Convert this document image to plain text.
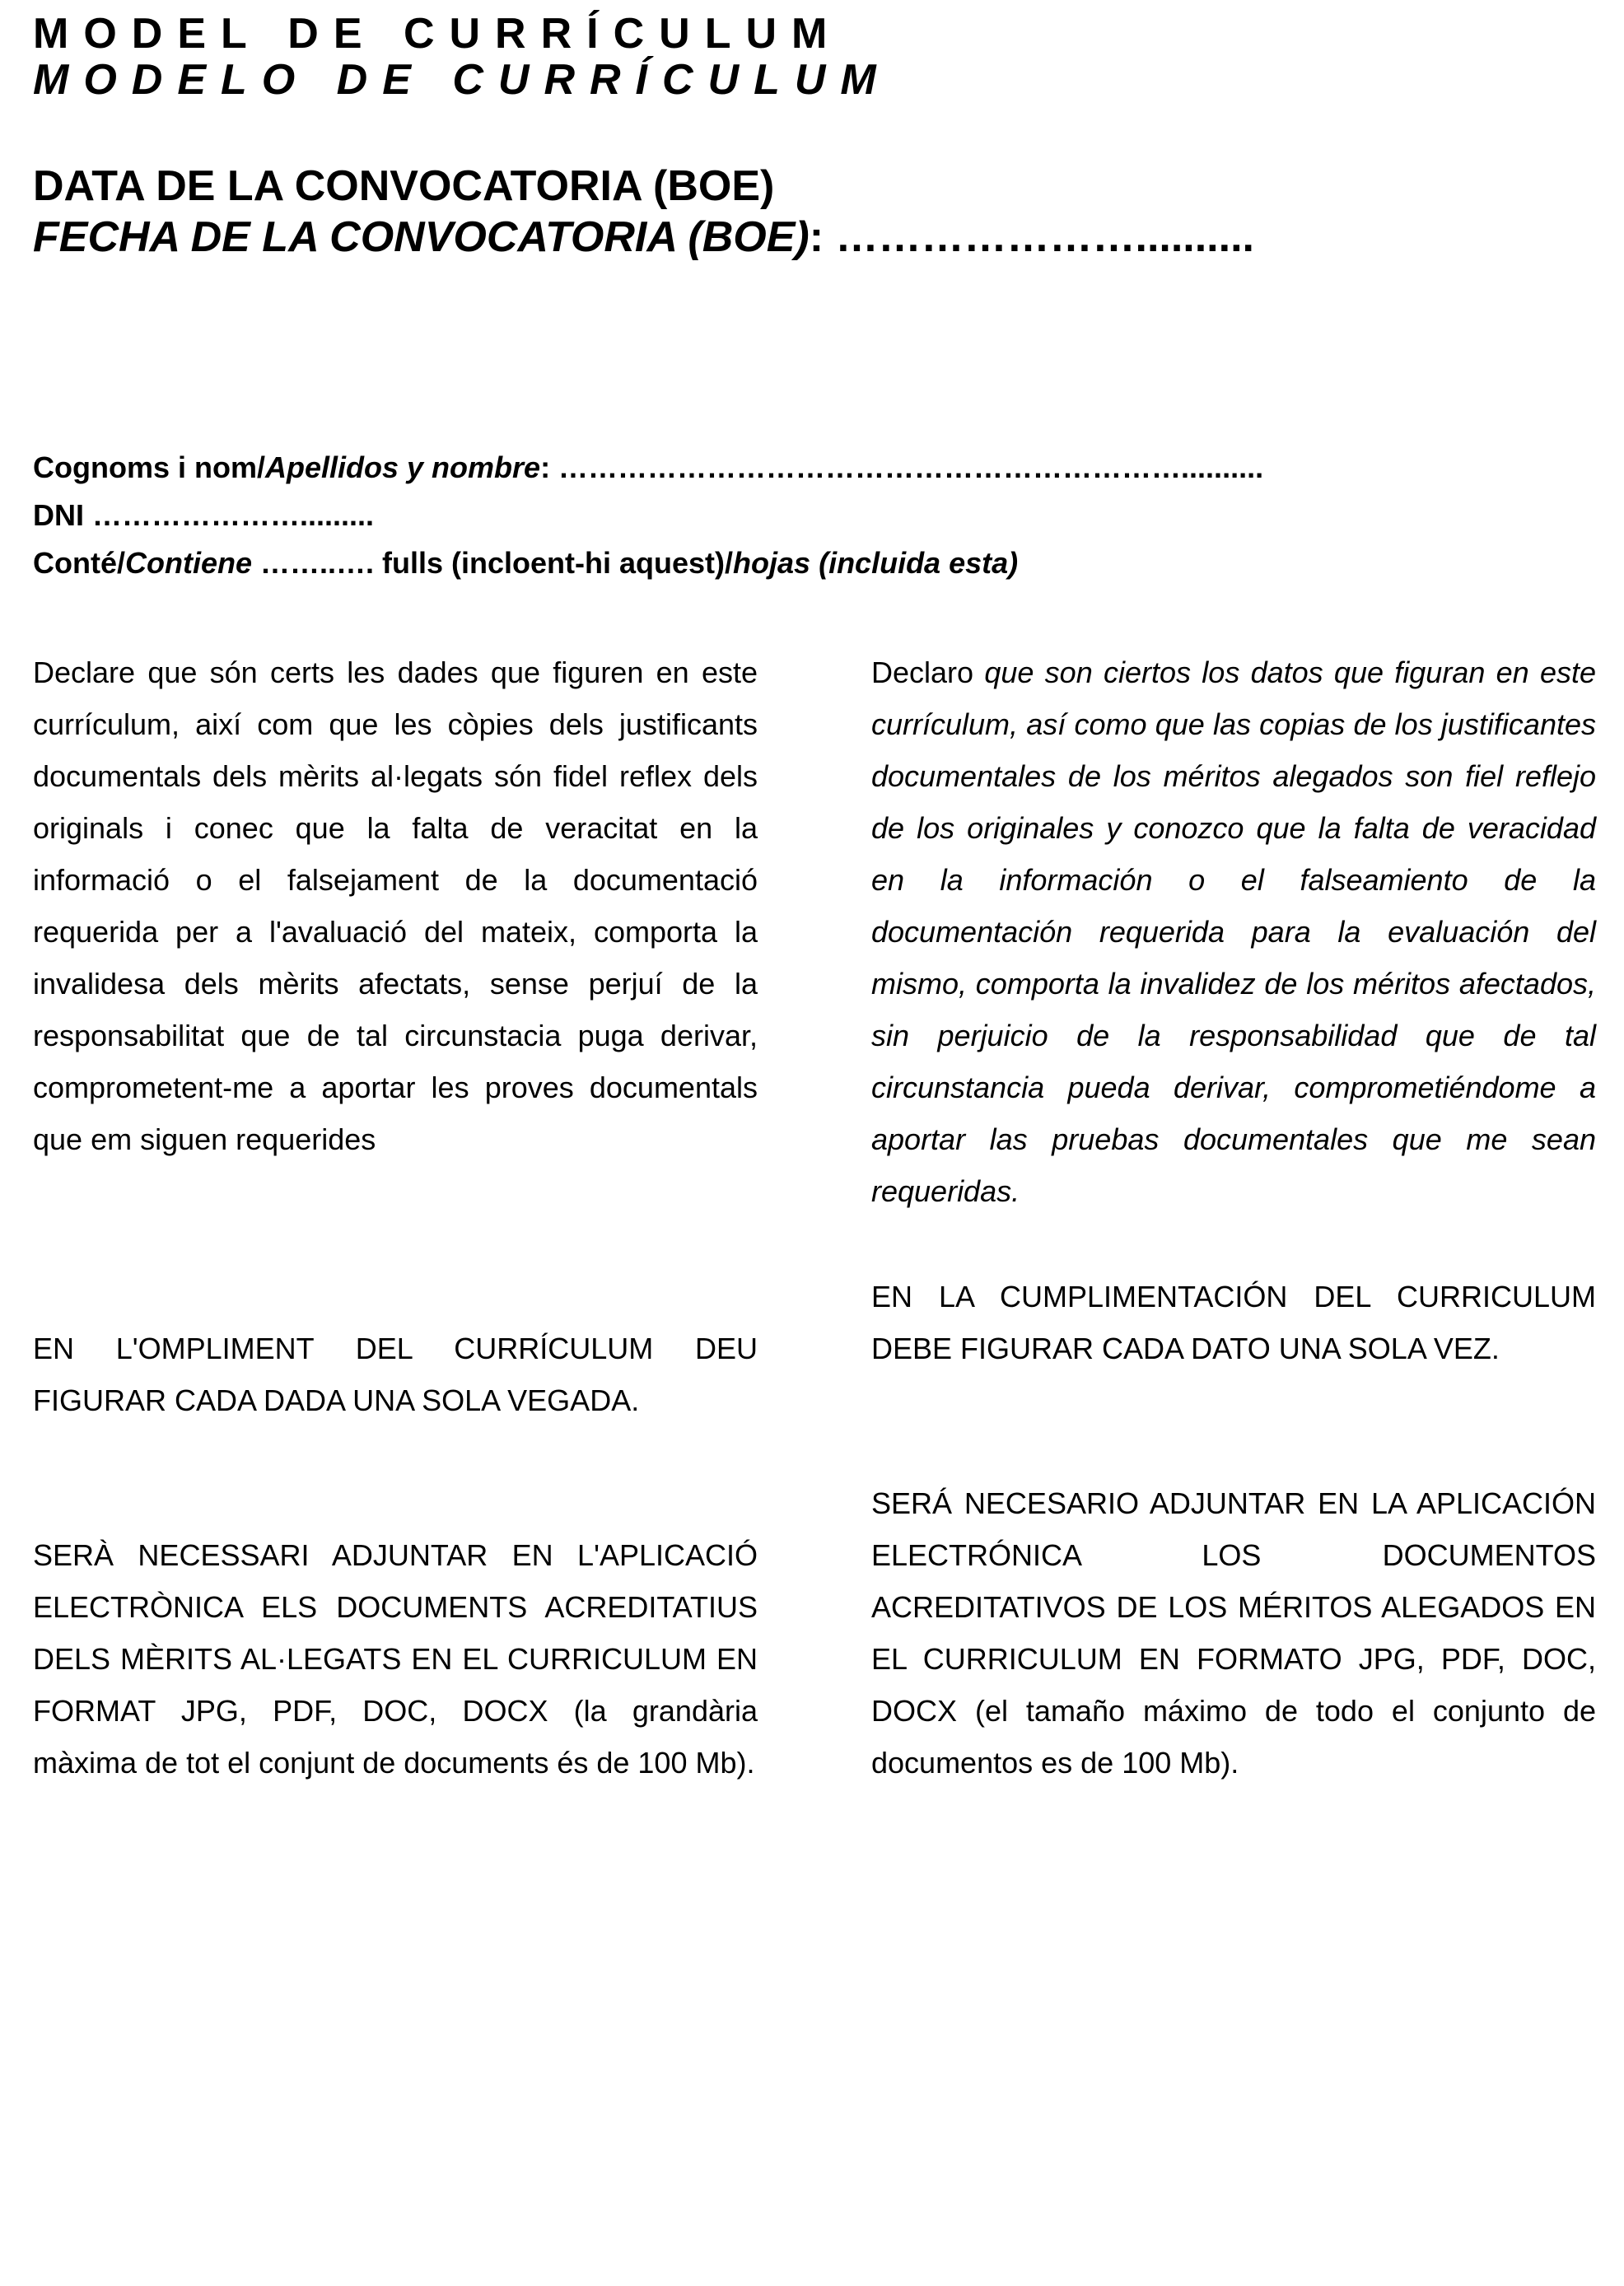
MODEL DE CURRÍCULUM
MODELO DE CURRÍCULUM
DATA DE LA CONVOCATORIA (BOE)
FECHA DE LA CONVOCATORIA (BOE): …………………..........
Cognoms i nom/Apellidos y nombre: ………………………………………………………..........
DNI ………………….........
Conté/Contiene ……..…. fulls (incloent-hi aquest)/hojas (incluida esta)

Declare que són certs les dades que figuren en este currículum, així com que les còpies dels justificants documentals dels mèrits al·legats són fidel reflex dels originals i conec que la falta de veracitat en la informació o el falsejament de la documentació requerida per a l'avaluació del mateix, comporta la invalidesa dels mèrits afectats, sense perjuí de la responsabilitat que de tal circunstacia puga derivar, comprometent-me a aportar les proves documentals que em siguen requerides

Declaro que son ciertos los datos que figuran en este currículum, así como que las copias de los justificantes documentales de los méritos alegados son fiel reflejo de los originales y conozco que la falta de veracidad en la información o el falseamiento de la documentación requerida para la evaluación del mismo, comporta la invalidez de los méritos afectados, sin perjuicio de la responsabilidad que de tal circunstancia pueda derivar, comprometiéndome a aportar las pruebas documentales que me sean requeridas.

EN L'OMPLIMENT DEL CURRÍCULUM DEU FIGURAR CADA DADA UNA SOLA VEGADA.

EN LA CUMPLIMENTACIÓN DEL CURRICULUM DEBE FIGURAR CADA DATO UNA SOLA VEZ.

SERÀ NECESSARI ADJUNTAR EN L'APLICACIÓ ELECTRÒNICA ELS DOCUMENTS ACREDITATIUS DELS MÈRITS AL·LEGATS EN EL CURRICULUM EN FORMAT JPG, PDF, DOC, DOCX (la grandària màxima de tot el conjunt de documents és de 100 Mb).

SERÁ NECESARIO ADJUNTAR EN LA APLICACIÓN ELECTRÓNICA LOS DOCUMENTOS ACREDITATIVOS DE LOS MÉRITOS ALEGADOS EN EL CURRICULUM EN FORMATO JPG, PDF, DOC, DOCX (el tamaño máximo de todo el conjunto de documentos es de 100 Mb).
